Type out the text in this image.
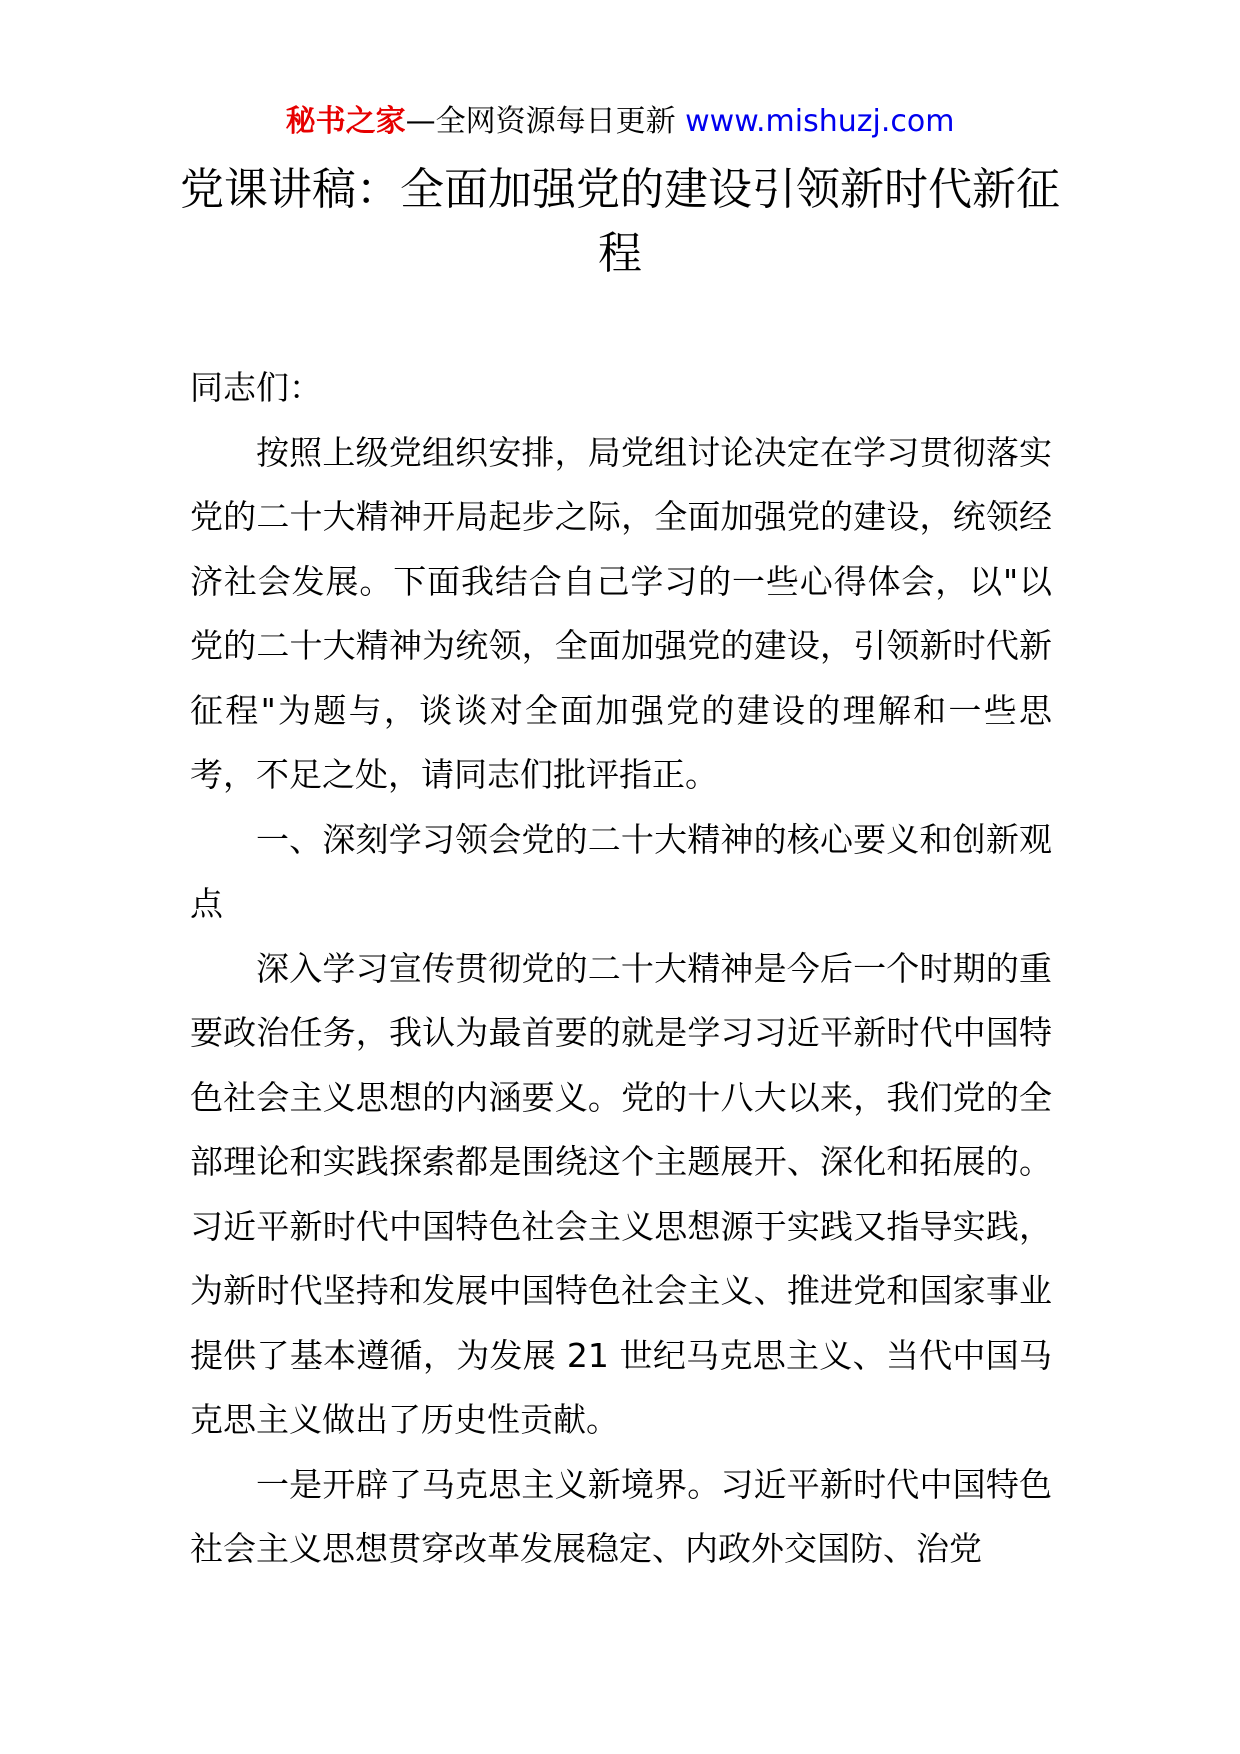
秘书之家—全网资源每日更新 www.mishuzj.com
党课讲稿：全面加强党的建设引领新时代新征程

同志们：

按照上级党组织安排，局党组讨论决定在学习贯彻落实党的二十大精神开局起步之际，全面加强党的建设，统领经济社会发展。下面我结合自己学习的一些心得体会，以"以党的二十大精神为统领，全面加强党的建设，引领新时代新征程"为题与，谈谈对全面加强党的建设的理解和一些思考，不足之处，请同志们批评指正。

一、深刻学习领会党的二十大精神的核心要义和创新观点

深入学习宣传贯彻党的二十大精神是今后一个时期的重要政治任务，我认为最首要的就是学习习近平新时代中国特色社会主义思想的内涵要义。党的十八大以来，我们党的全部理论和实践探索都是围绕这个主题展开、深化和拓展的。习近平新时代中国特色社会主义思想源于实践又指导实践，为新时代坚持和发展中国特色社会主义、推进党和国家事业提供了基本遵循，为发展 21 世纪马克思主义、当代中国马克思主义做出了历史性贡献。

一是开辟了马克思主义新境界。习近平新时代中国特色社会主义思想贯穿改革发展稳定、内政外交国防、治党
